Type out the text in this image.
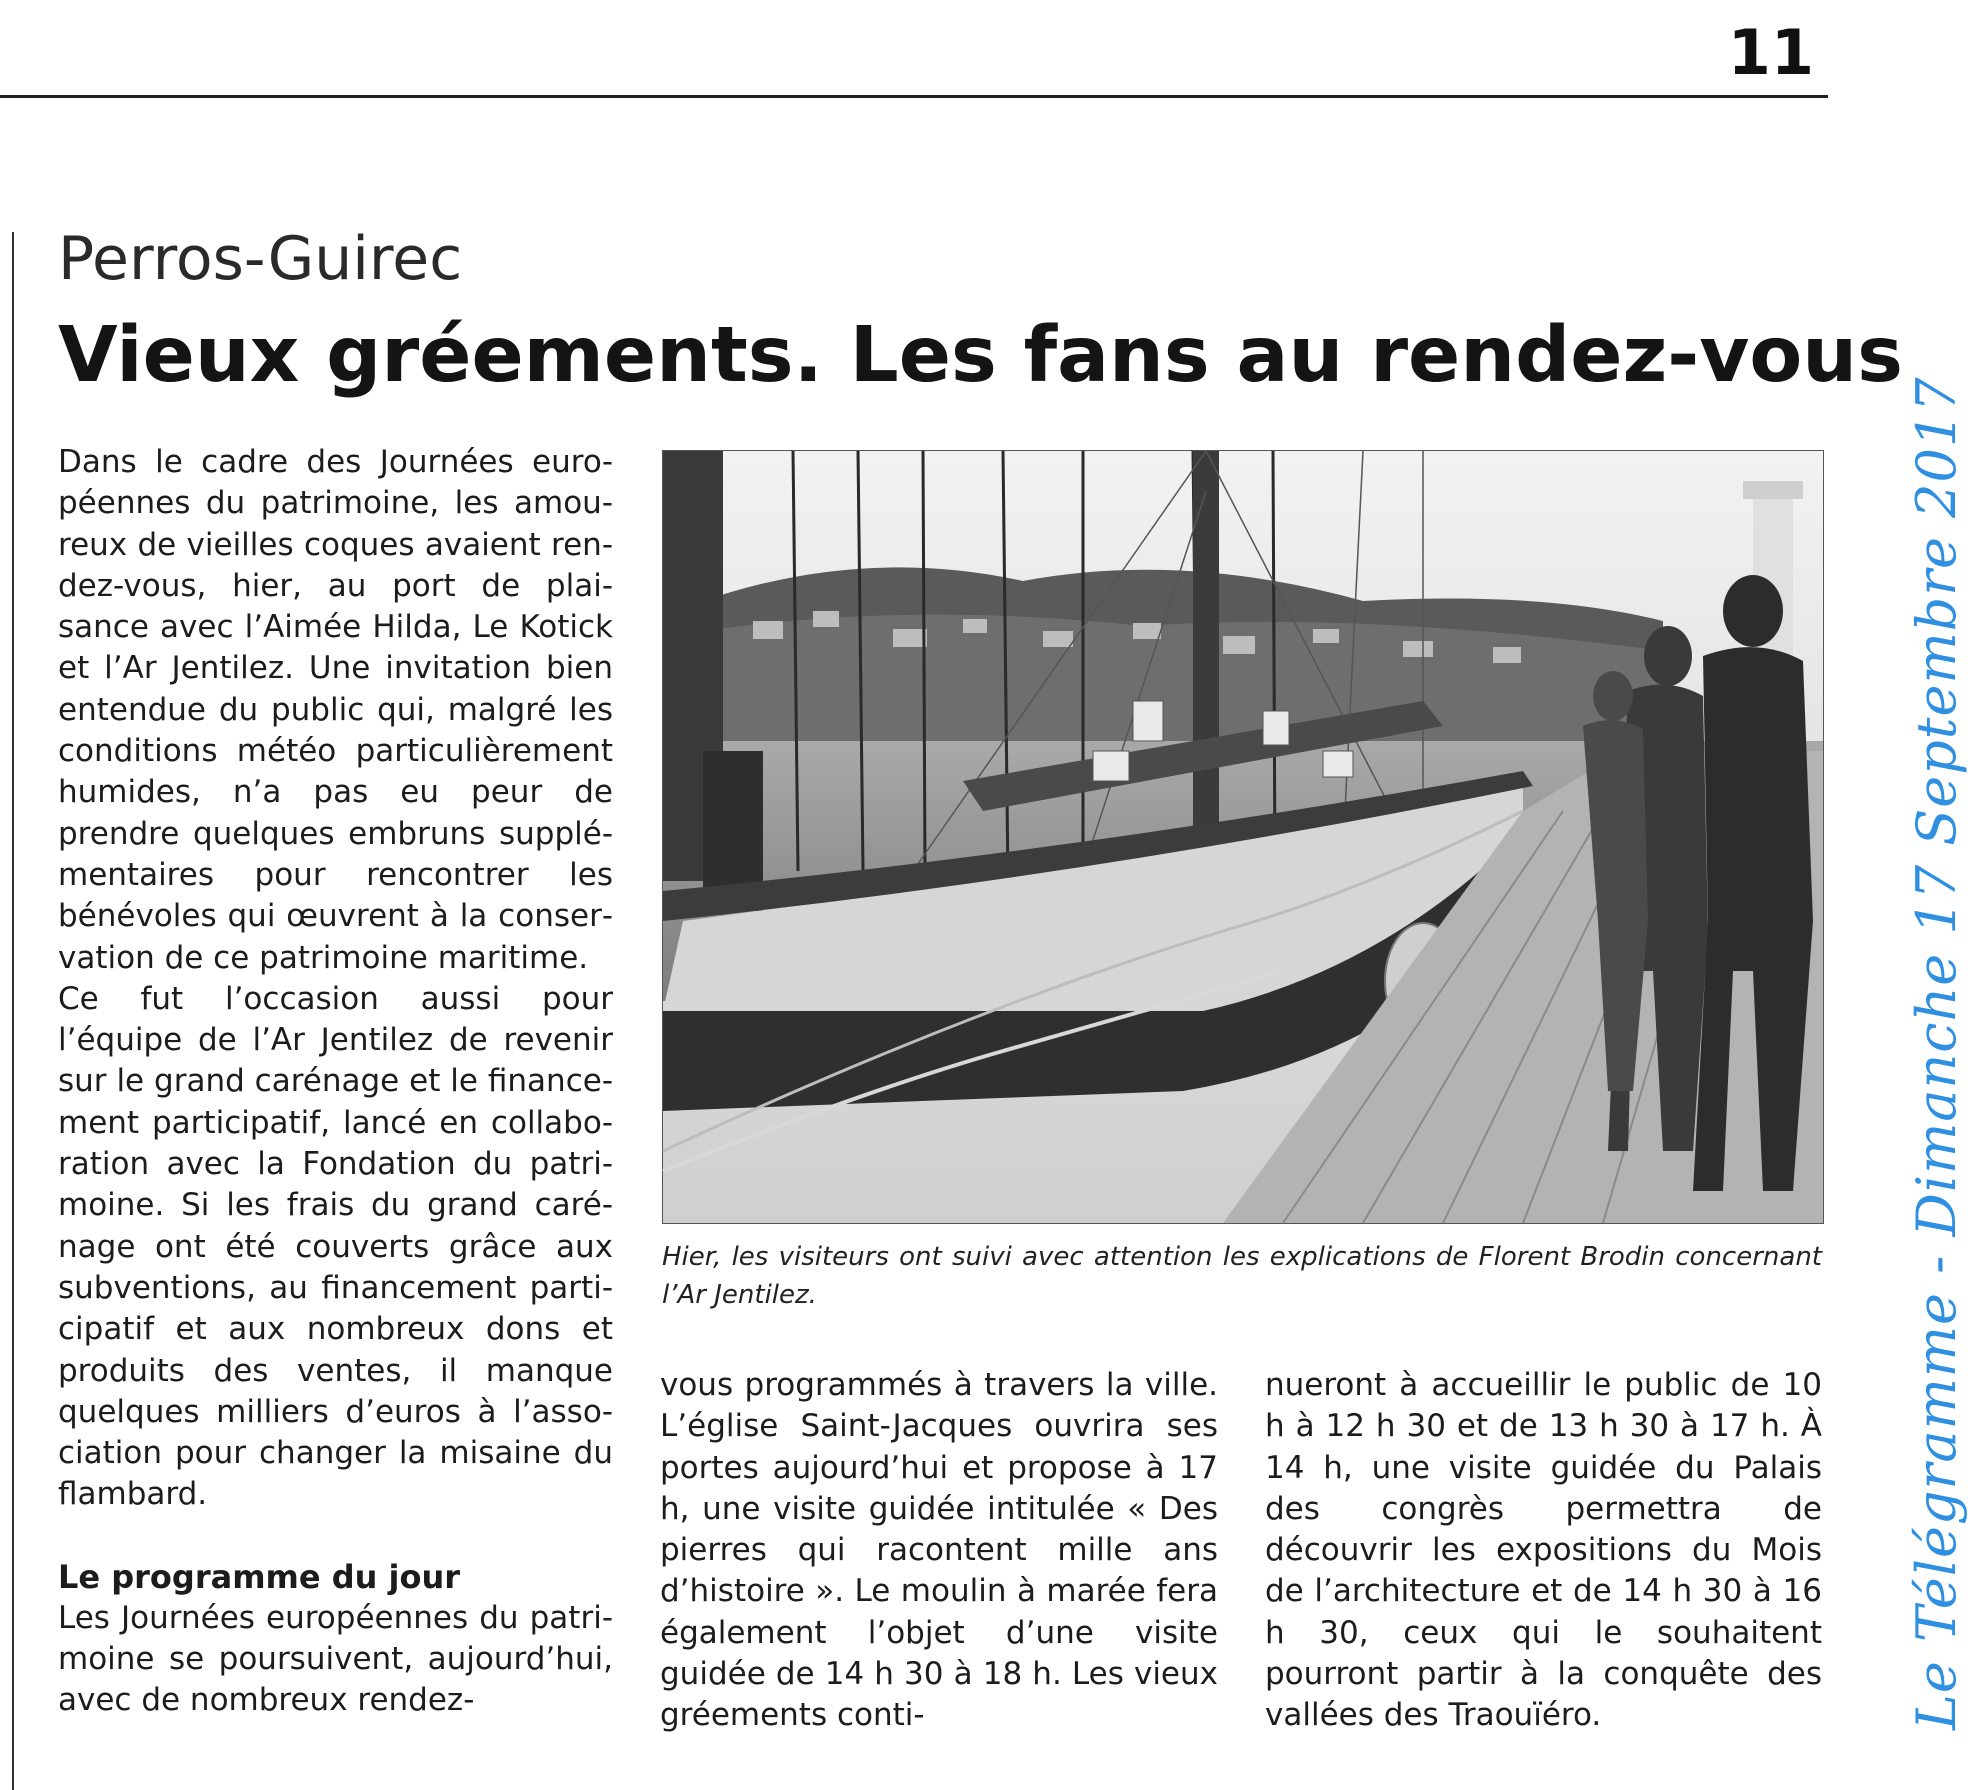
11
Perros-Guirec
Vieux gréements. Les fans au rendez-vous

Dans le cadre des Journées européennes du patrimoine, les amoureux de vieilles coques avaient rendez-vous, hier, au port de plaisance avec l’Aimée Hilda, Le Kotick et l’Ar Jentilez. Une invitation bien entendue du public qui, malgré les conditions météo particulièrement humides, n’a pas eu peur de prendre quelques embruns supplémentaires pour rencontrer les bénévoles qui œuvrent à la conservation de ce patrimoine maritime.

Ce fut l’occasion aussi pour l’équipe de l’Ar Jentilez de revenir sur le grand carénage et le financement participatif, lancé en collaboration avec la Fondation du patrimoine. Si les frais du grand carénage ont été couverts grâce aux subventions, au financement participatif et aux nombreux dons et produits des ventes, il manque quelques milliers d’euros à l’association pour changer la misaine du flambard.

Le programme du jour

Les Journées européennes du patrimoine se poursuivent, aujourd’hui, avec de nombreux rendez-

Hier, les visiteurs ont suivi avec attention les explications de Florent Brodin concernant l’Ar Jentilez.

vous programmés à travers la ville. L’église Saint-Jacques ouvrira ses portes aujourd’hui et propose à 17 h, une visite guidée intitulée « Des pierres qui racontent mille ans d’histoire ». Le moulin à marée fera également l’objet d’une visite guidée de 14 h 30 à 18 h. Les vieux gréements conti-

nueront à accueillir le public de 10 h à 12 h 30 et de 13 h 30 à 17 h. À 14 h, une visite guidée du Palais des congrès permettra de découvrir les expositions du Mois de l’architecture et de 14 h 30 à 16 h 30, ceux qui le souhaitent pourront partir à la conquête des vallées des Traouïéro.	Le Télégramme - Dimanche 17 Septembre 2017
